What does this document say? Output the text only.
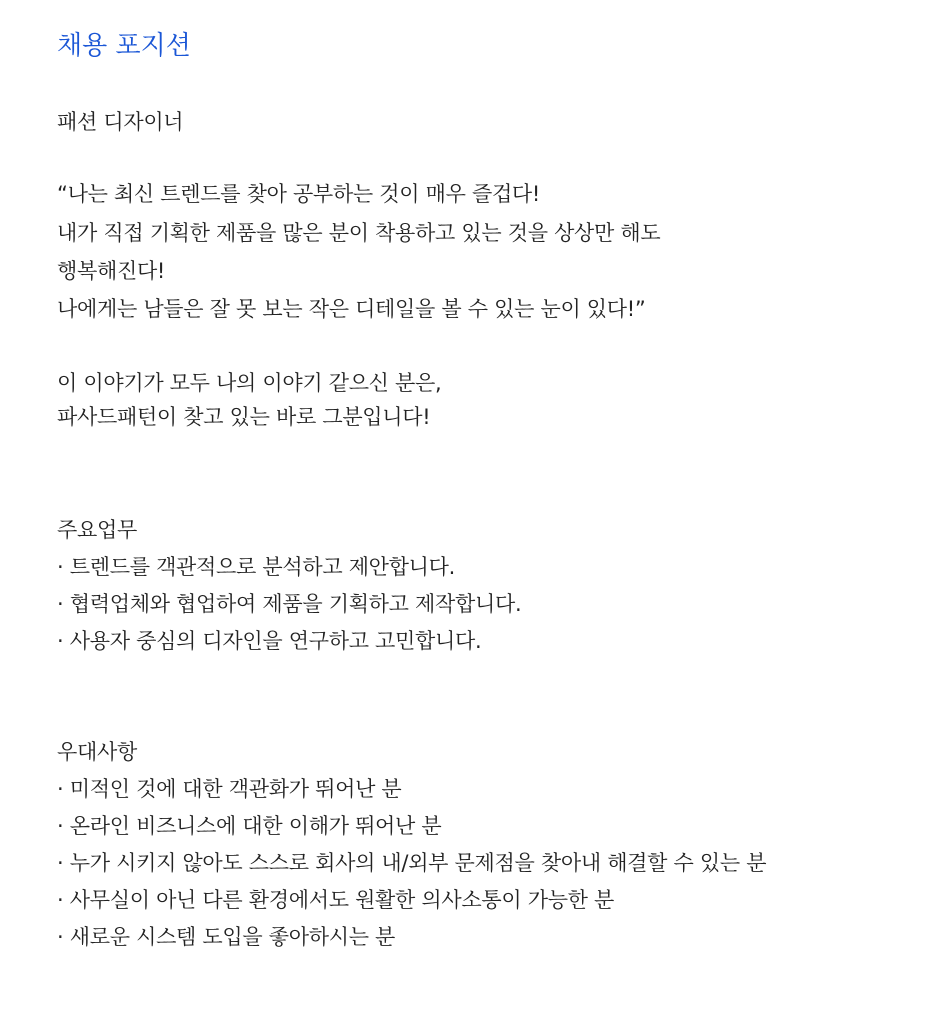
채용 포지션
패션 디자이너
“나는 최신 트렌드를 찾아 공부하는 것이 매우 즐겁다!
내가 직접 기획한 제품을 많은 분이 착용하고 있는 것을 상상만 해도
행복해진다!
나에게는 남들은 잘 못 보는 작은 디테일을 볼 수 있는 눈이 있다!”
이 이야기가 모두 나의 이야기 같으신 분은,
파사드패턴이 찾고 있는 바로 그분입니다!
주요업무
· 트렌드를 객관적으로 분석하고 제안합니다.
· 협력업체와 협업하여 제품을 기획하고 제작합니다.
· 사용자 중심의 디자인을 연구하고 고민합니다.
우대사항
· 미적인 것에 대한 객관화가 뛰어난 분
· 온라인 비즈니스에 대한 이해가 뛰어난 분
· 누가 시키지 않아도 스스로 회사의 내/외부 문제점을 찾아내 해결할 수 있는 분
· 사무실이 아닌 다른 환경에서도 원활한 의사소통이 가능한 분
· 새로운 시스템 도입을 좋아하시는 분
